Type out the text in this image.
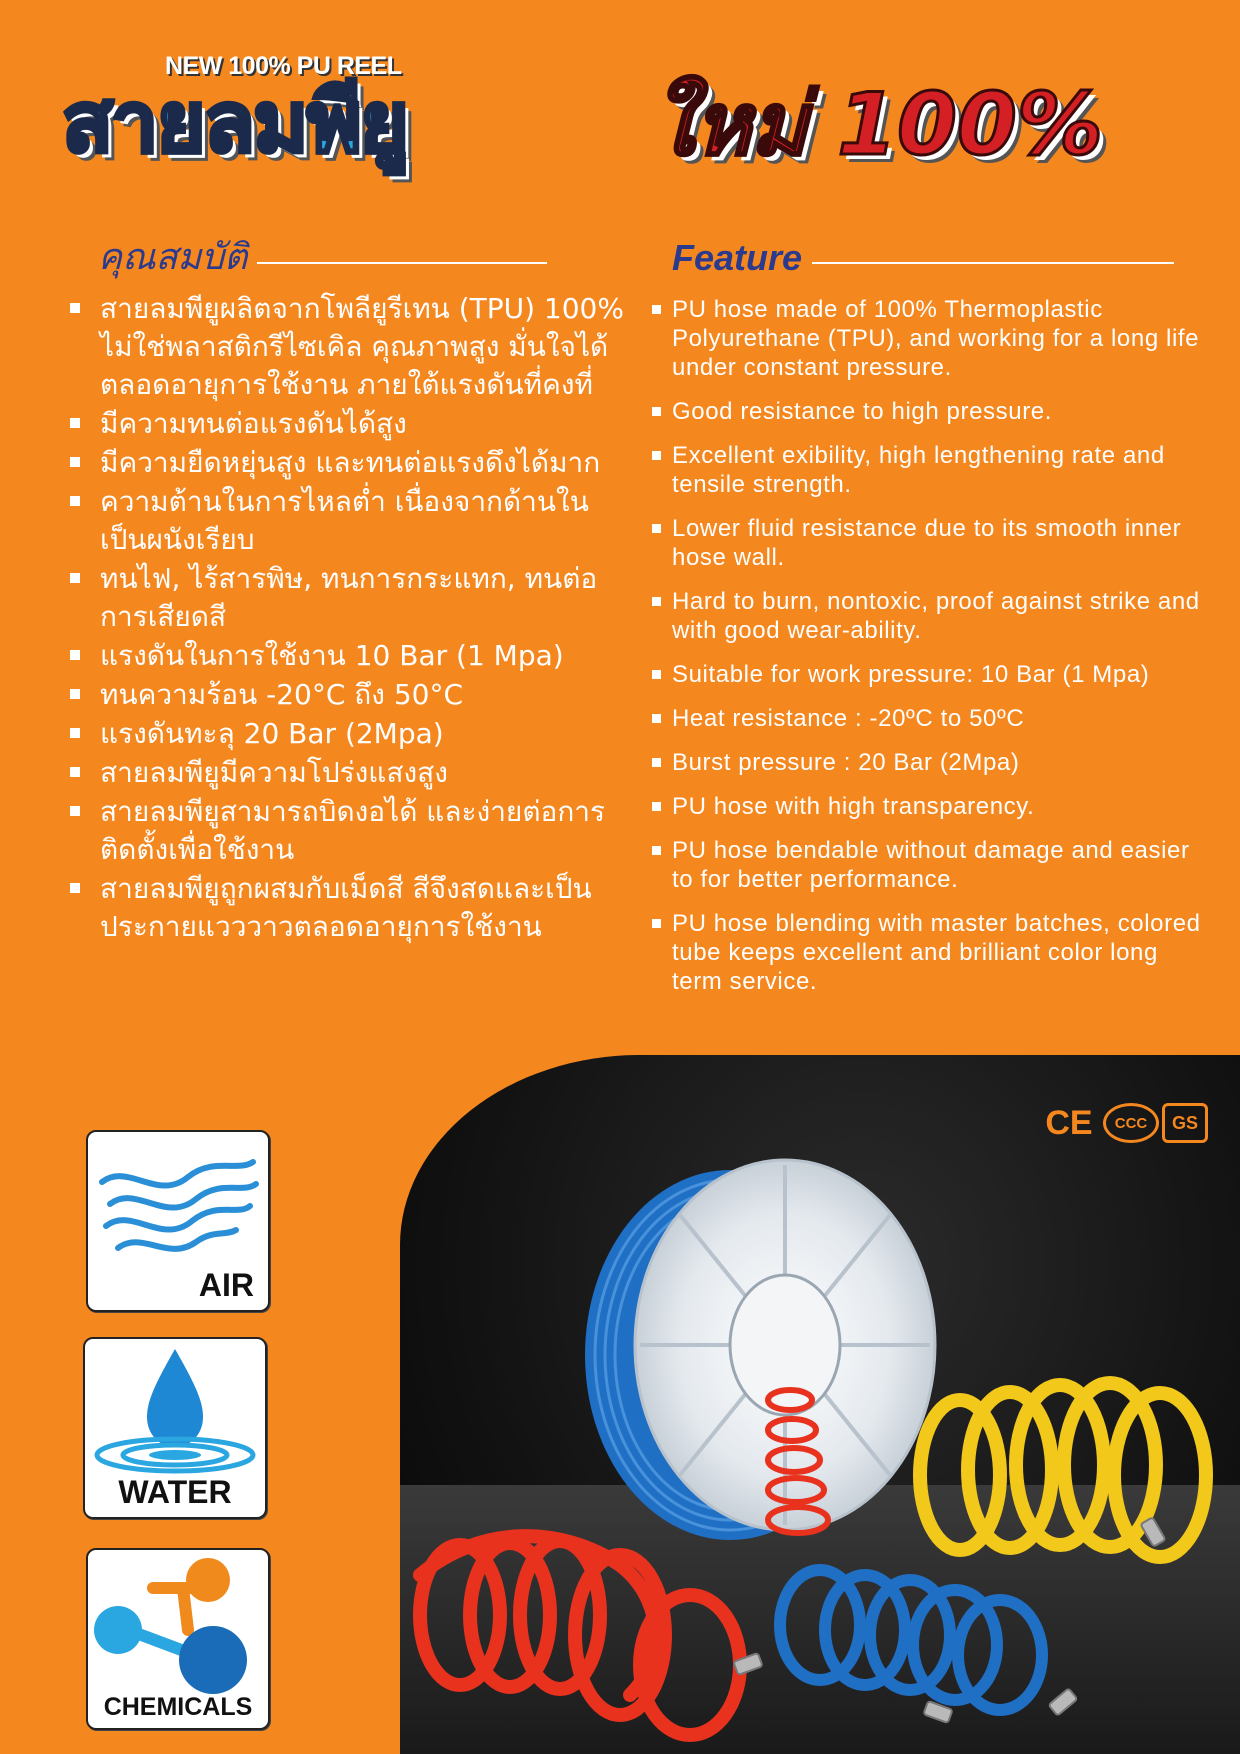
NEW 100% PU REEL
สายลมพียู	ใหม่ 100%
คุณสมบัติ	Feature
สายลมพียูผลิตจากโพลียูรีเทน (TPU) 100% ไม่ใช่พลาสติกรีไซเคิล คุณภาพสูง มั่นใจได้ตลอดอายุการใช้งาน ภายใต้แรงดันที่คงที่
มีความทนต่อแรงดันได้สูง
มีความยืดหยุ่นสูง และทนต่อแรงดึงได้มาก
ความต้านในการไหลต่ำ เนื่องจากด้านในเป็นผนังเรียบ
ทนไฟ, ไร้สารพิษ, ทนการกระแทก, ทนต่อการเสียดสี
แรงดันในการใช้งาน 10 Bar (1 Mpa)
ทนความร้อน -20°C ถึง 50°C
แรงดันทะลุ 20 Bar (2Mpa)
สายลมพียูมีความโปร่งแสงสูง
สายลมพียูสามารถบิดงอได้ และง่ายต่อการติดตั้งเพื่อใช้งาน
สายลมพียูถูกผสมกับเม็ดสี สีจึงสดและเป็นประกายแวววาวตลอดอายุการใช้งาน
PU hose made of 100% Thermoplastic Polyurethane (TPU), and working for a long life under constant pressure.
Good resistance to high pressure.
Excellent exibility, high lengthening rate and tensile strength.
Lower fluid resistance due to its smooth inner hose wall.
Hard to burn, nontoxic, proof against strike and with good wear-ability.
Suitable for work pressure: 10 Bar (1 Mpa)
Heat resistance : -20ºC to 50ºC
Burst pressure : 20 Bar (2Mpa)
PU hose with high transparency.
PU hose bendable without damage and easier to for better performance.
PU hose blending with master batches, colored tube keeps excellent and brilliant color long term service.
CE	CCC	GS
AIR
WATER
CHEMICALS
